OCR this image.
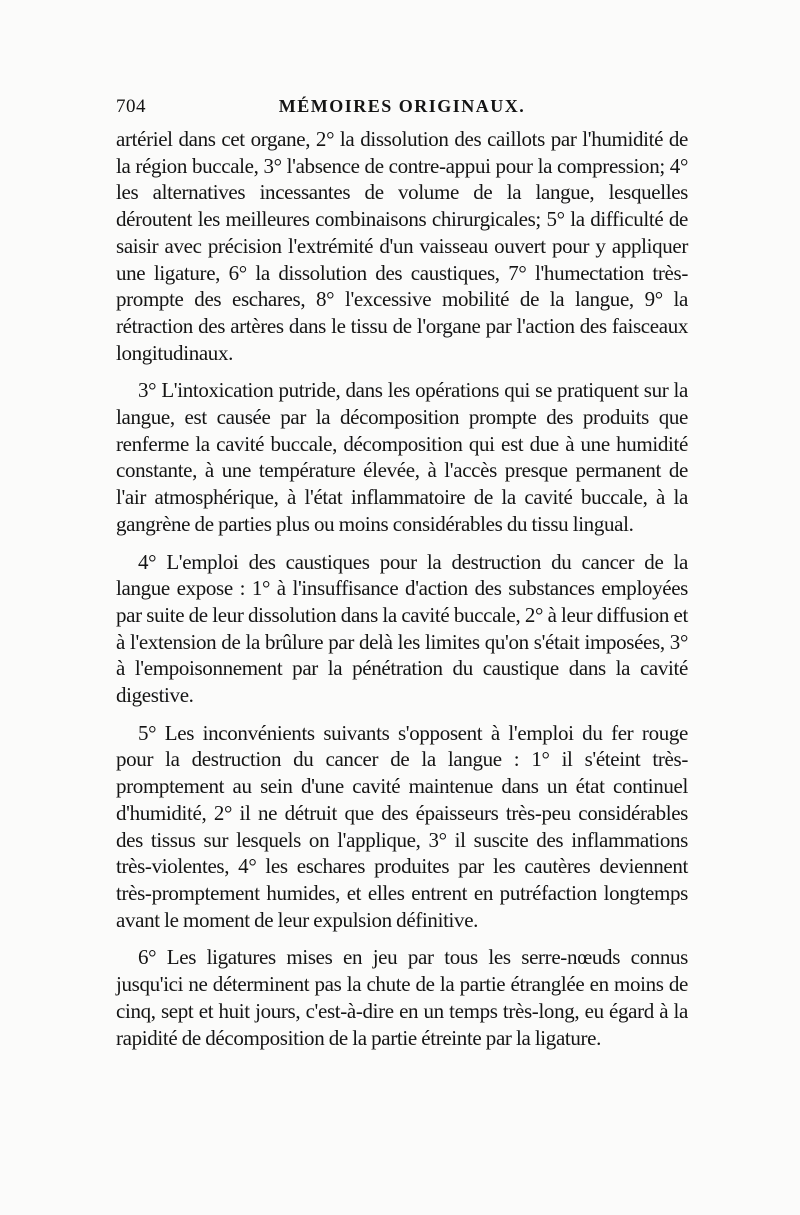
704	MÉMOIRES ORIGINAUX.

artériel dans cet organe, 2° la dissolution des caillots par l'humidité de la région buccale, 3° l'absence de contre-appui pour la compression; 4° les alternatives incessantes de volume de la langue, lesquelles déroutent les meilleures combinaisons chirurgicales; 5° la difficulté de saisir avec précision l'extrémité d'un vaisseau ouvert pour y appliquer une ligature, 6° la dissolution des caustiques, 7° l'humectation très-prompte des eschares, 8° l'excessive mobilité de la langue, 9° la rétraction des artères dans le tissu de l'organe par l'action des faisceaux longitudinaux.

3° L'intoxication putride, dans les opérations qui se pratiquent sur la langue, est causée par la décomposition prompte des produits que renferme la cavité buccale, décomposition qui est due à une humidité constante, à une température élevée, à l'accès presque permanent de l'air atmosphérique, à l'état inflammatoire de la cavité buccale, à la gangrène de parties plus ou moins considérables du tissu lingual.

4° L'emploi des caustiques pour la destruction du cancer de la langue expose : 1° à l'insuffisance d'action des substances employées par suite de leur dissolution dans la cavité buccale, 2° à leur diffusion et à l'extension de la brûlure par delà les limites qu'on s'était imposées, 3° à l'empoisonnement par la pénétration du caustique dans la cavité digestive.

5° Les inconvénients suivants s'opposent à l'emploi du fer rouge pour la destruction du cancer de la langue : 1° il s'éteint très-promptement au sein d'une cavité maintenue dans un état continuel d'humidité, 2° il ne détruit que des épaisseurs très-peu considérables des tissus sur lesquels on l'applique, 3° il suscite des inflammations très-violentes, 4° les eschares produites par les cautères deviennent très-promptement humides, et elles entrent en putréfaction longtemps avant le moment de leur expulsion définitive.

6° Les ligatures mises en jeu par tous les serre-nœuds connus jusqu'ici ne déterminent pas la chute de la partie étranglée en moins de cinq, sept et huit jours, c'est-à-dire en un temps très-long, eu égard à la rapidité de décomposition de la partie étreinte par la ligature.
